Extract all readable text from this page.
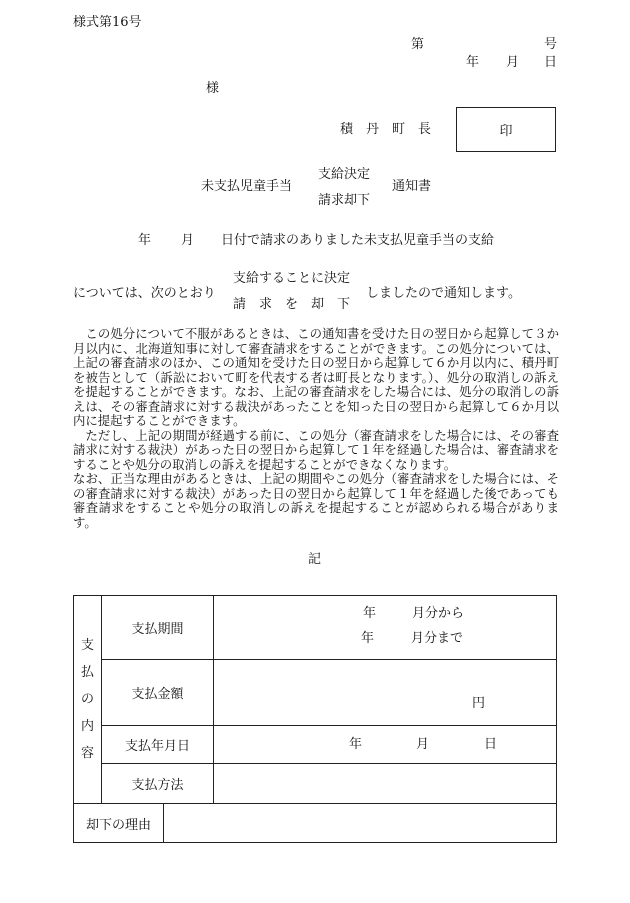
様式第16号
第	号
年 月 日
様
積　丹　町　長	印
未支払児童手当
支給決定
請求却下
通知書
年 月 日付で請求のありました未支払児童手当の支給
については、次のとおり
支給することに決定
請　求　を　却　下
しましたので通知します。

この処分について不服があるときは、この通知書を受けた日の翌日から起算して３か月以内に、北海道知事に対して審査請求をすることができます。この処分については、上記の審査請求のほか、この通知を受けた日の翌日から起算して６か月以内に、積丹町を被告として（訴訟において町を代表する者は町長となります。）、処分の取消しの訴えを提起することができます。なお、上記の審査請求をした場合には、処分の取消しの訴えは、その審査請求に対する裁決があったことを知った日の翌日から起算して６か月以内に提起することができます。

ただし、上記の期間が経過する前に、この処分（審査請求をした場合には、その審査請求に対する裁決）があった日の翌日から起算して１年を経過した場合は、審査請求をすることや処分の取消しの訴えを提起することができなくなります。

なお、正当な理由があるときは、上記の期間やこの処分（審査請求をした場合には、その審査請求に対する裁決）があった日の翌日から起算して１年を経過した後であっても審査請求をすることや処分の取消しの訴えを提起することが認められる場合があります。

記
支
払
の
内
容	支払期間	年 月分から
年 月分まで

	支払金額	円

	支払年月日	年 月 日

	支払方法	

却下の理由		
